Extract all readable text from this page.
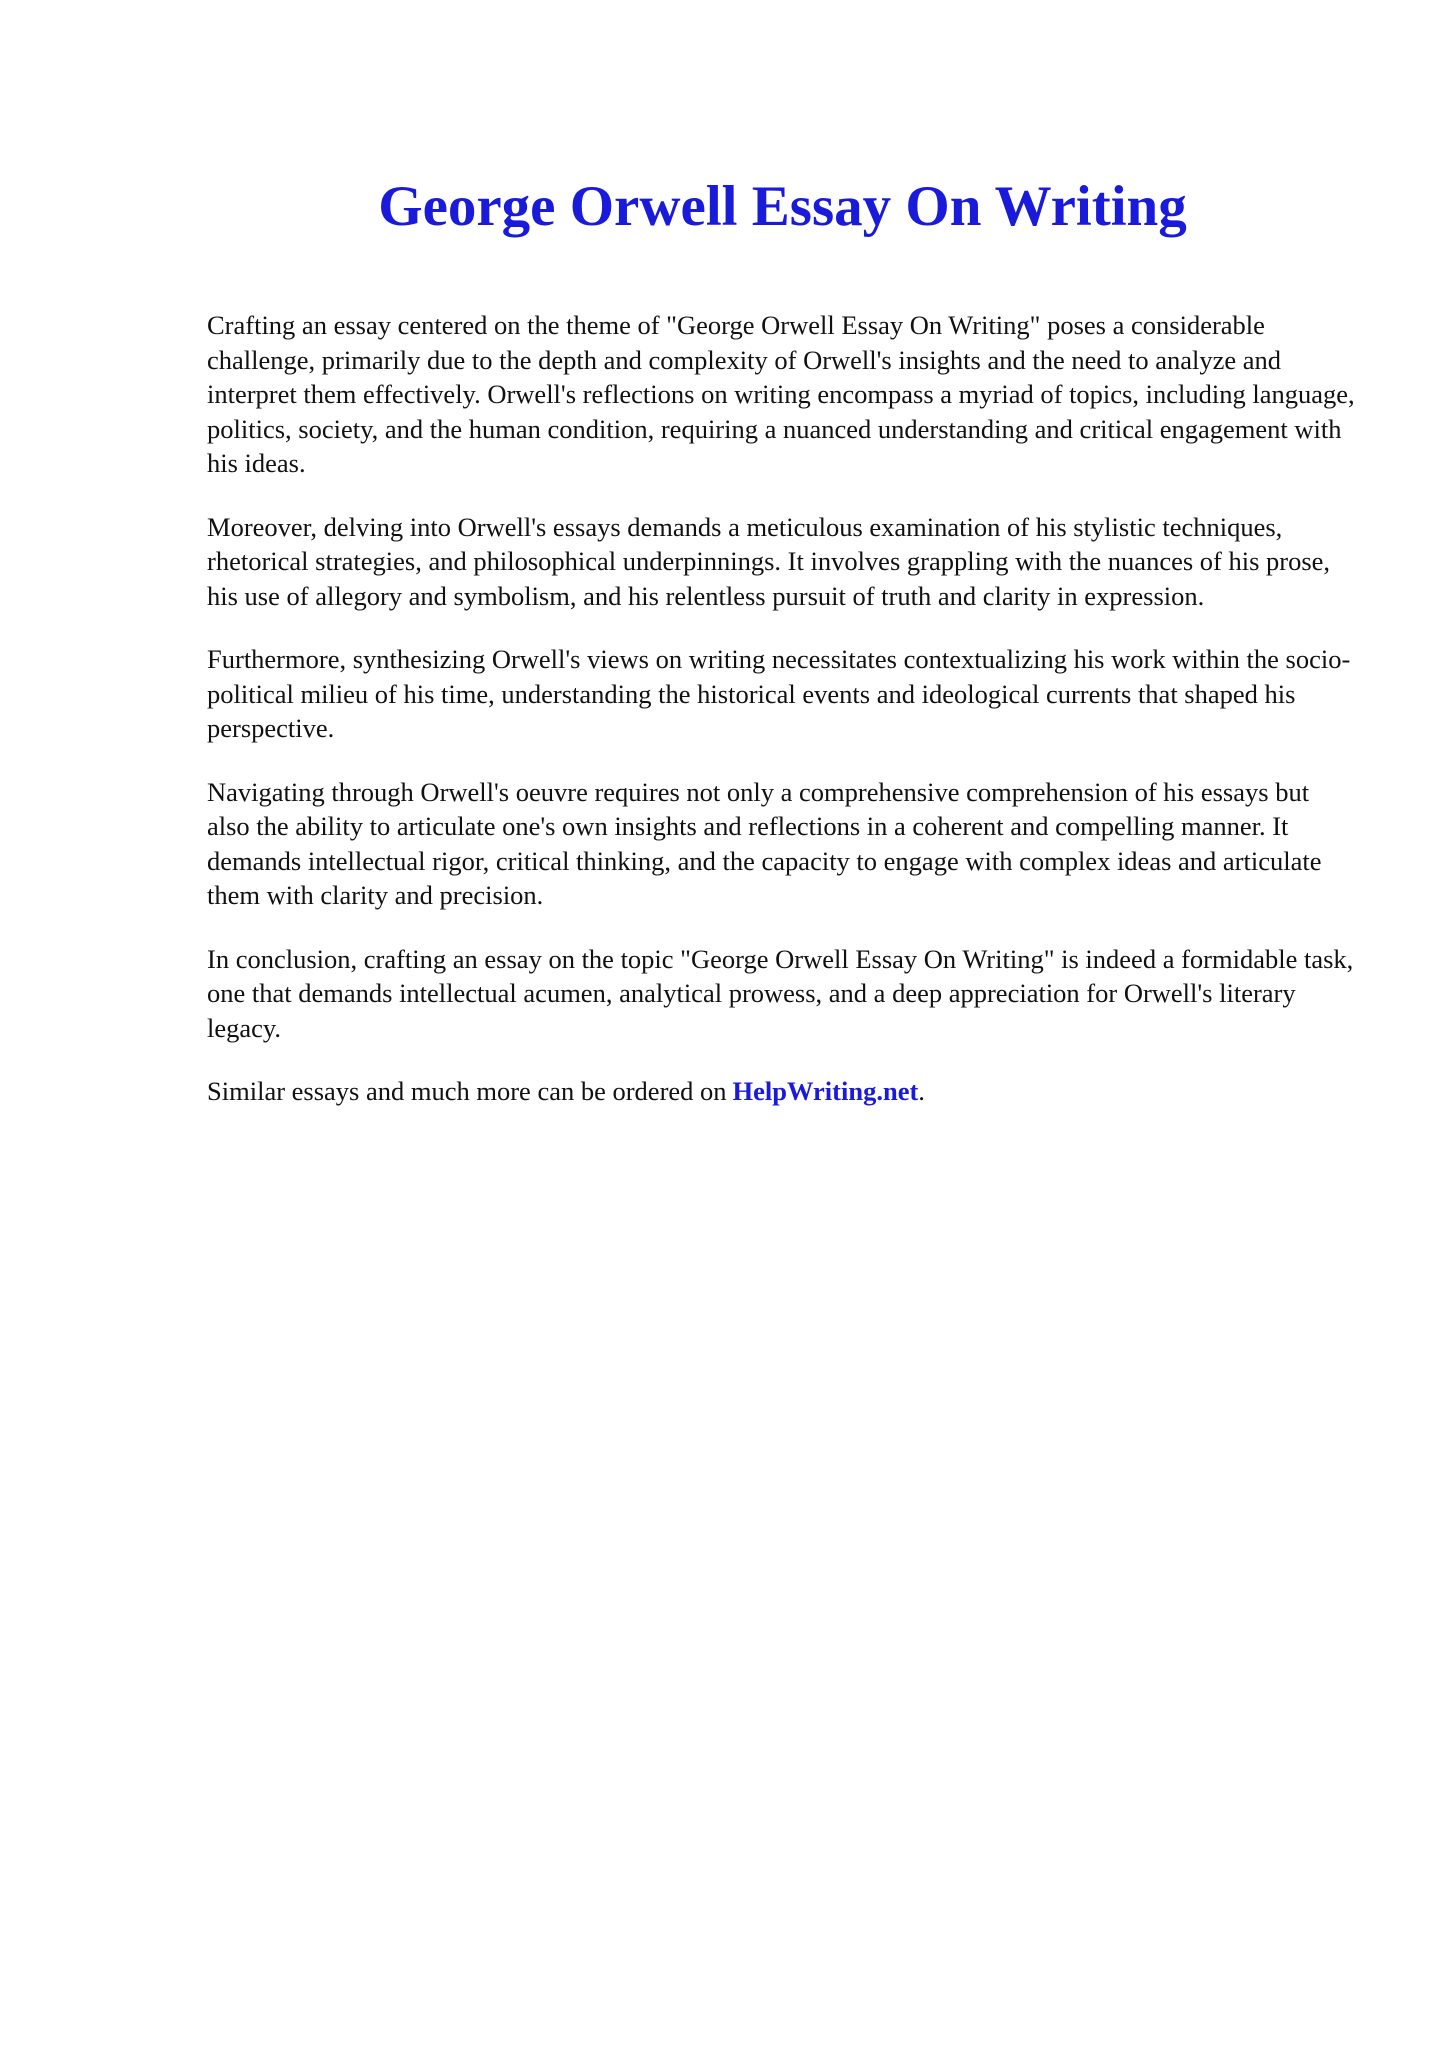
George Orwell Essay On Writing

Crafting an essay centered on the theme of "George Orwell Essay On Writing" poses a considerable challenge, primarily due to the depth and complexity of Orwell's insights and the need to analyze and interpret them effectively. Orwell's reflections on writing encompass a myriad of topics, including language, politics, society, and the human condition, requiring a nuanced understanding and critical engagement with his ideas.

Moreover, delving into Orwell's essays demands a meticulous examination of his stylistic techniques, rhetorical strategies, and philosophical underpinnings. It involves grappling with the nuances of his prose, his use of allegory and symbolism, and his relentless pursuit of truth and clarity in expression.

Furthermore, synthesizing Orwell's views on writing necessitates contextualizing his work within the socio-political milieu of his time, understanding the historical events and ideological currents that shaped his perspective.

Navigating through Orwell's oeuvre requires not only a comprehensive comprehension of his essays but also the ability to articulate one's own insights and reflections in a coherent and compelling manner. It demands intellectual rigor, critical thinking, and the capacity to engage with complex ideas and articulate them with clarity and precision.

In conclusion, crafting an essay on the topic "George Orwell Essay On Writing" is indeed a formidable task, one that demands intellectual acumen, analytical prowess, and a deep appreciation for Orwell's literary legacy.

Similar essays and much more can be ordered on HelpWriting.net.
